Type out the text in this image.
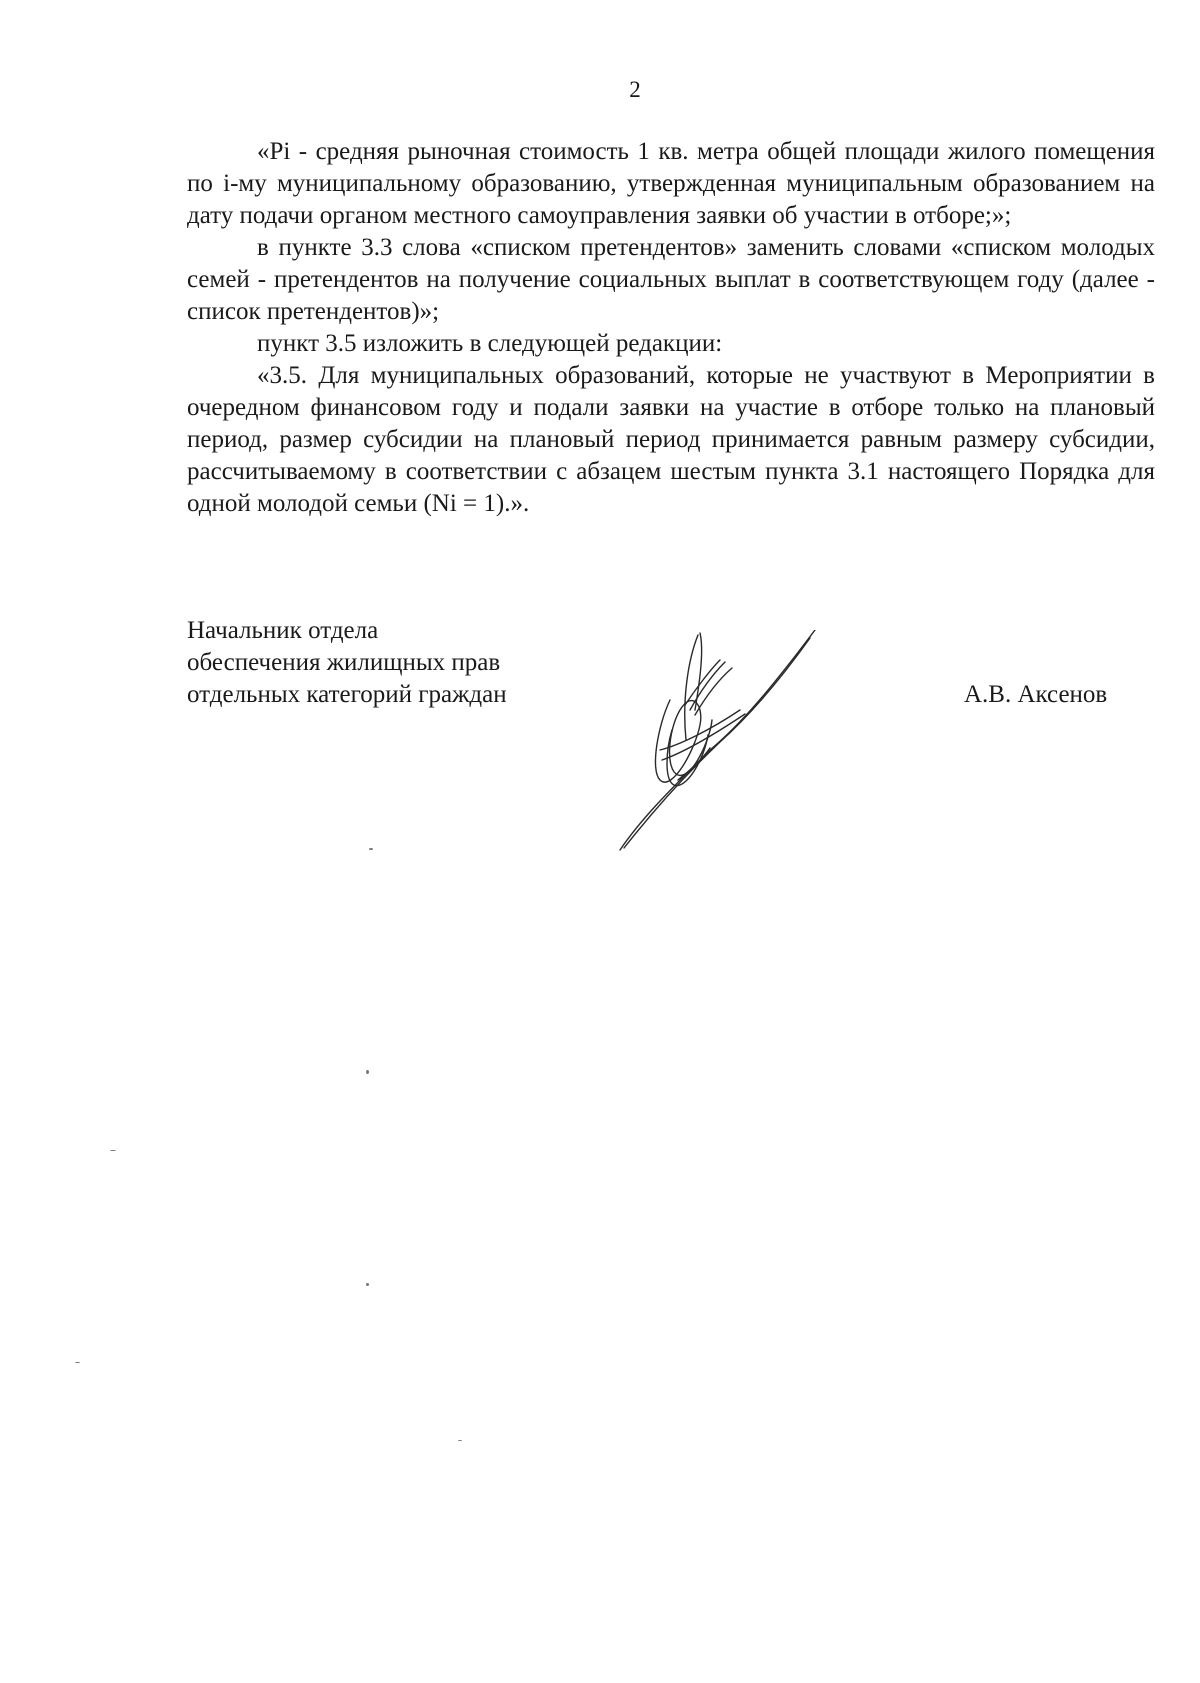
2

«Pi - средняя рыночная стоимость 1 кв. метра общей площади жилого помещения по i-му муниципальному образованию, утвержденная муниципальным образованием на дату подачи органом местного самоуправления заявки об участии в отборе;»;

в пункте 3.3 слова «списком претендентов» заменить словами «списком молодых семей - претендентов на получение социальных выплат в соответствующем году (далее - список претендентов)»;

пункт 3.5 изложить в следующей редакции:

«3.5. Для муниципальных образований, которые не участвуют в Мероприятии в очередном финансовом году и подали заявки на участие в отборе только на плановый период, размер субсидии на плановый период принимается равным размеру субсидии, рассчитываемому в соответствии с абзацем шестым пункта 3.1 настоящего Порядка для одной молодой семьи (Ni = 1).».

Начальник отдела
обеспечения жилищных прав
отдельных категорий граждан	А.В. Аксенов
